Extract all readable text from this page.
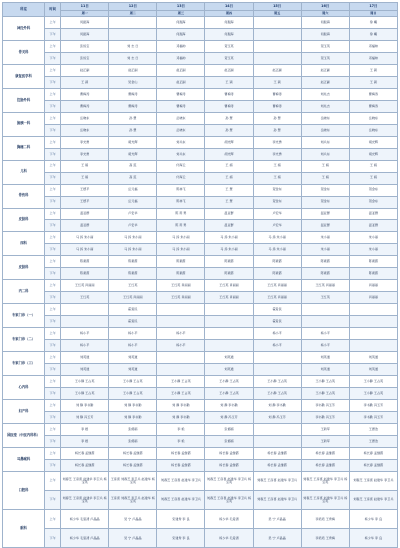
科室	时间	11日	12日	13日	14日	15日	16日	17日
		周一	周二	周三	周四	周五	周六	周日
神经外科	上午	何振海		何振海	何振海		何振海	徐 曦
	下午	何振海		何振海	何振海		何振海	徐 曦
骨关科	上午	张恒宝	刘 志 日	邓福帅	贺玉英		贺玉英	邓福帅
	下午	张恒宝	刘 志 日	邓福帅	贺玉英		贺玉英	邓福帅
康复医学科	上午	赵正副	赵正副	赵正副	赵正副	赵正副	赵正副	王 颖
	下午	王 颖	吴金山	赵正副	王 颖	王 颖	赵正副	王 颖
肛肠外科	上午	曹梅涛	曹梅涛	曹梅涛	曹梅涛	曹梅涛	刘兆吉	曹梅涛
	下午	曹梅涛	曹梅涛	曹梅涛	曹梅涛	曹梅涛	刘兆吉	曹梅涛
肠胰一科	上午	岳晓东	孙 慧	岳晓东	孙 慧	孙 慧	岳晓东	岳晓东
	下午	岳晓东	孙 慧	岳晓东	孙 慧	孙 慧	岳晓东	岳晓东
胸痛二科	上午	李光勇	胡光辉	刘兵东	胡光辉	李光勇	刘兵东	胡光辉
	下午	李光勇	胡光辉	刘兵东	胡光辉	李光勇	刘兵东	胡光辉
儿科	上午	王 娟	高 蕊	付海云	王 娟	王 娟	王 娟	王 娟
	下午	王 娟	高 蕊	付海云	王 娟	王 娟	王 娟	王 娟
骨伤科	上午	王德平	岳元福	陈林飞	王 慧	贺金东	贺金东	贺金东
	下午	王德平	岳元福	陈林飞	王 慧	贺金东	贺金东	贺金东
皮肤科	上午	温亚群	卢宏华	陈 用 男	温亚群	卢宏华	温亚群	温亚群
	下午	温亚群	卢宏华	陈 用 男	温亚群	卢宏华	温亚群	温亚群
西科	上午	马 扬 朱小丽	马 扬 朱小丽	马 扬 朱小丽	马 扬 朱小丽	马 扬 朱小丽	朱小丽	朱小丽
	下午	马 扬 朱小丽	马 扬 朱小丽	马 扬 朱小丽	马 扬 朱小丽	马 扬 朱小丽	朱小丽	朱小丽
皮肤科	上午	陈素霞	陈素霞	陈素霞	陈素霞	陈素霞	陈素霞	陈素霞
	下午	陈素霞	陈素霞	陈素霞	陈素霞	陈素霞	陈素霞	陈素霞
内二科	上午	王红英 肖丽丽	王红英	王红英 肖丽丽	王红英 肖丽丽	王红英 肖丽丽	王红英 肖丽丽	肖丽丽
	下午	王红英	王红英 肖丽丽	王红英 肖丽丽	王红英 肖丽丽	王红英 肖丽丽	王红英	肖丽丽
专家门诊（一）	上午		霍爱民			霍爱民		
	下午		霍爱民			霍爱民		
专家门诊（二）	上午	杨小平	杨小平	杨小平		杨小平	杨小平	
	下午	杨小平	杨小平	杨小平		杨小平	杨小平	
专家门诊（三）	上午	刘英道	刘英道		刘英道		刘英道	刘英道
	下午	刘英道	刘英道		刘英道		刘英道	刘英道
心内科	上午	王小静 王占英	王小静 王占英	王小静 王占英	王小静 王占英	王小静 王占英	王小静 王占英	王小静 王占英
	下午	王小静 王占英	王小静 王占英	王小静 王占英	王小静 王占英	王小静 王占英	王小静 王占英	王小静 王占英
妇产科	上午	刘 静 李书勤	刘 静 李书勤	刘 静 李书勤	刘 静 李书勤	刘 静 李书勤	李书勤 冯玉芳	李书勤 冯玉芳
	下午	刘 静 冯玉芳	刘 静 李书勤	刘 静 李书勤	刘 静 冯玉芳	刘 静 冯玉芳	李书勤 冯玉芳	李书勤 冯玉芳
国医堂（中医内科科）	上午	李 根	张郁娟	李 艳	张郁娟		王新军	王德治
	下午	李 根	张郁娟	李 艳	张郁娟		王新军	王德治
耳鼻喉科	上午	杨长春 孟继霞	杨长春 孟继霞	杨长春 孟继霞	杨长春 孟继霞	杨长春 孟继霞	杨长春 孟继霞	杨长春 孟继霞
	下午	杨长春 孟继霞	杨长春 孟继霞	杨长春 孟继霞	杨长春 孟继霞	杨长春 孟继霞	杨长春 孟继霞	杨长春 孟继霞
口腔科	上午	刘春芝 王彦喜 赵建华 李卫兵 杨宝英	王彦喜 刘春芝 李卫兵 赵建华 杨宝英	刘春芝 王彦喜 赵建华 李卫兵	刘春芝 王彦喜 赵建华 李卫兵 杨宝英	刘春芝 王彦喜 赵建华 李卫兵	刘春芝 王彦喜 赵建华 李卫兵 杨宝英	刘春芝 王彦喜 赵建华 李卫兵
	下午	刘春芝 王彦喜 赵建华 李卫兵 杨宝英	王彦喜 刘春芝 李卫兵 赵建华 杨宝英	刘春芝 王彦喜 赵建华 李卫兵	刘春芝 王彦喜 赵建华 李卫兵 杨宝英	刘春芝 王彦喜 赵建华 李卫兵	刘春芝 王彦喜 赵建华 李卫兵 杨宝英	刘春芝 王彦喜 赵建华 李卫兵
眼科	上午	杨少华 毛爱清 卢晶晶	吴 宁 卢晶晶	宋建秀 李 良	杨少华 毛爱清	吴 宁 卢晶晶	李培培 王秀梅	杨少华 李 良
	下午	杨少华 毛爱清 卢晶晶	吴 宁 卢晶晶	宋建秀 李 良	杨少华 毛爱清	吴 宁 卢晶晶	李培培 王秀梅	杨少华 李 良
